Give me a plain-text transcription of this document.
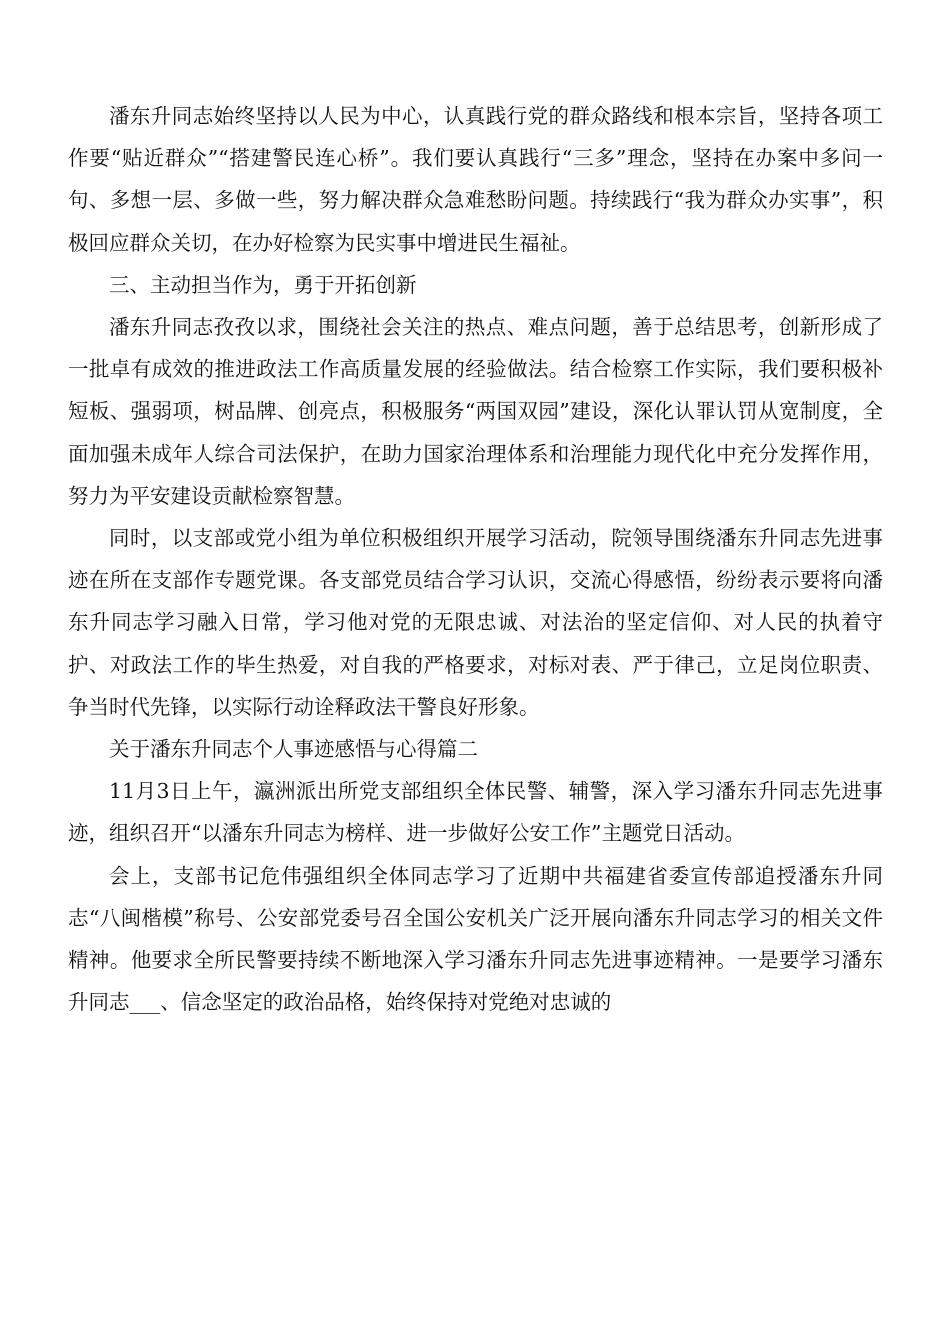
潘东升同志始终坚持以人民为中心，认真践行党的群众路线和根本宗旨，坚持各项工作要“贴近群众”“搭建警民连心桥”。我们要认真践行“三多”理念，坚持在办案中多问一句、多想一层、多做一些，努力解决群众急难愁盼问题。持续践行“我为群众办实事”，积极回应群众关切，在办好检察为民实事中增进民生福祉。

三、主动担当作为，勇于开拓创新

潘东升同志孜孜以求，围绕社会关注的热点、难点问题，善于总结思考，创新形成了一批卓有成效的推进政法工作高质量发展的经验做法。结合检察工作实际，我们要积极补短板、强弱项，树品牌、创亮点，积极服务“两国双园”建设，深化认罪认罚从宽制度，全面加强未成年人综合司法保护，在助力国家治理体系和治理能力现代化中充分发挥作用，努力为平安建设贡献检察智慧。

同时，以支部或党小组为单位积极组织开展学习活动，院领导围绕潘东升同志先进事迹在所在支部作专题党课。各支部党员结合学习认识，交流心得感悟，纷纷表示要将向潘东升同志学习融入日常，学习他对党的无限忠诚、对法治的坚定信仰、对人民的执着守护、对政法工作的毕生热爱，对自我的严格要求，对标对表、严于律己，立足岗位职责、争当时代先锋，以实际行动诠释政法干警良好形象。

关于潘东升同志个人事迹感悟与心得篇二

11月3日上午，瀛洲派出所党支部组织全体民警、辅警，深入学习潘东升同志先进事迹，组织召开“以潘东升同志为榜样、进一步做好公安工作”主题党日活动。

会上，支部书记危伟强组织全体同志学习了近期中共福建省委宣传部追授潘东升同志“八闽楷模”称号、公安部党委号召全国公安机关广泛开展向潘东升同志学习的相关文件精神。他要求全所民警要持续不断地深入学习潘东升同志先进事迹精神。一是要学习潘东升同志___、信念坚定的政治品格，始终保持对党绝对忠诚的
